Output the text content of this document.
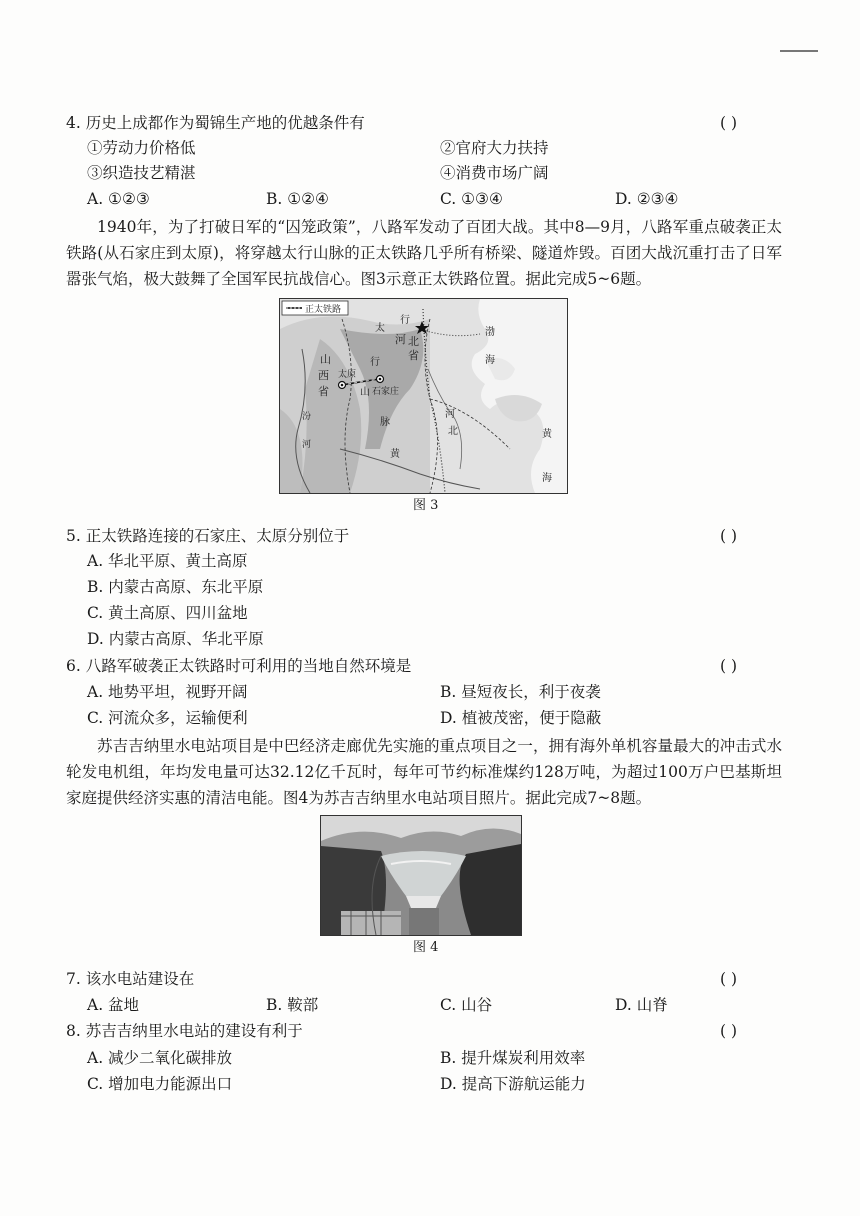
4. 历史上成都作为蜀锦生产地的优越条件有	( )
①劳动力价格低	②官府大力扶持
③织造技艺精湛	④消费市场广阔
A. ①②③	B. ①②④	C. ①③④	D. ②③④

1940年，为了打破日军的“囚笼政策”，八路军发动了百团大战。其中8—9月，八路军重点破袭正太铁路(从石家庄到太原)，将穿越太行山脉的正太铁路几乎所有桥梁、隧道炸毁。百团大战沉重打击了日军嚣张气焰，极大鼓舞了全国军民抗战信心。图3示意正太铁路位置。据此完成5~6题。

正太铁路
太
行
河 北
省
行
山
西
省
太原
石家庄
山
脉
河
北
黄
渤
海
黄
海
汾
河
图 3
5. 正太铁路连接的石家庄、太原分别位于	( )
A. 华北平原、黄土高原
B. 内蒙古高原、东北平原
C. 黄土高原、四川盆地
D. 内蒙古高原、华北平原
6. 八路军破袭正太铁路时可利用的当地自然环境是	( )
A. 地势平坦，视野开阔	B. 昼短夜长，利于夜袭
C. 河流众多，运输便利	D. 植被茂密，便于隐蔽

苏吉吉纳里水电站项目是中巴经济走廊优先实施的重点项目之一，拥有海外单机容量最大的冲击式水轮发电机组，年均发电量可达32.12亿千瓦时，每年可节约标准煤约128万吨，为超过100万户巴基斯坦家庭提供经济实惠的清洁电能。图4为苏吉吉纳里水电站项目照片。据此完成7~8题。

图 4
7. 该水电站建设在	( )
A. 盆地	B. 鞍部	C. 山谷	D. 山脊
8. 苏吉吉纳里水电站的建设有利于	( )
A. 减少二氧化碳排放	B. 提升煤炭利用效率
C. 增加电力能源出口	D. 提高下游航运能力
